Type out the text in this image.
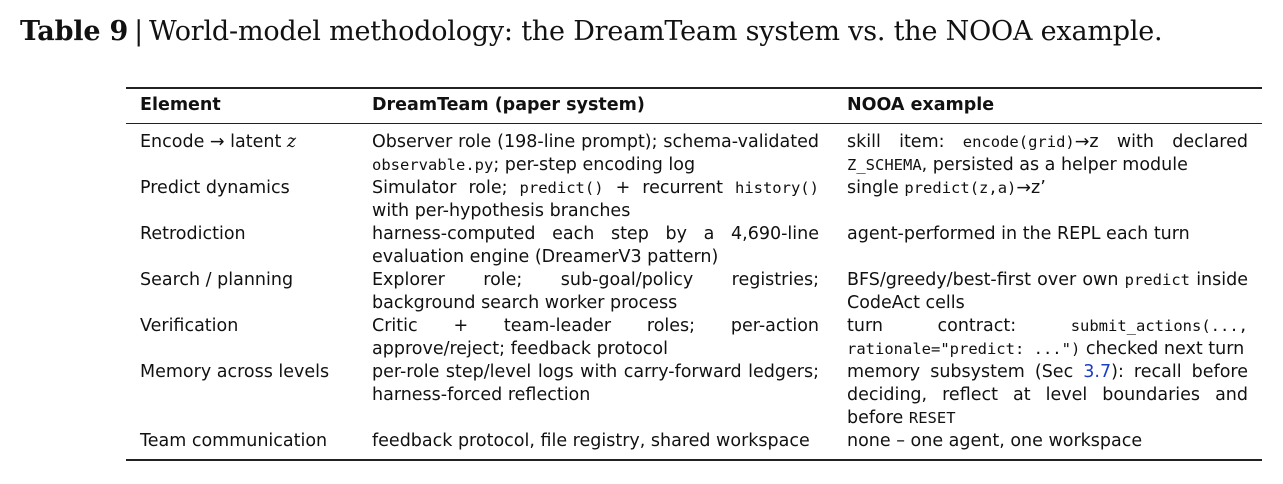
Table 9 | World-model methodology: the DreamTeam system vs. the NOOA example.
Element	DreamTeam (paper system)	NOOA example
Encode → latent z	Observer role (198-line prompt); schema-validated observable.py; per-step encoding log	skill item: encode(grid)→z with declared Z_SCHEMA, persisted as a helper module
Predict dynamics	Simulator role; predict() + recurrent history() with per-hypothesis branches	single predict(z,a)→z’
Retrodiction	harness-computed each step by a 4,690-line evaluation engine (DreamerV3 pattern)	agent-performed in the REPL each turn
Search / planning	Explorer role; sub-goal/policy registries; background search worker process	BFS/greedy/best-first over own predict inside CodeAct cells
Verification	Critic + team-leader roles; per-action approve/reject; feedback protocol	turn contract: submit_actions(..., rationale="predict: ...") checked next turn
Memory across levels	per-role step/level logs with carry-forward ledgers; harness-forced reflection	memory subsystem (Sec 3.7): recall before deciding, reflect at level boundaries and before RESET
Team communication	feedback protocol, file registry, shared workspace	none – one agent, one workspace
